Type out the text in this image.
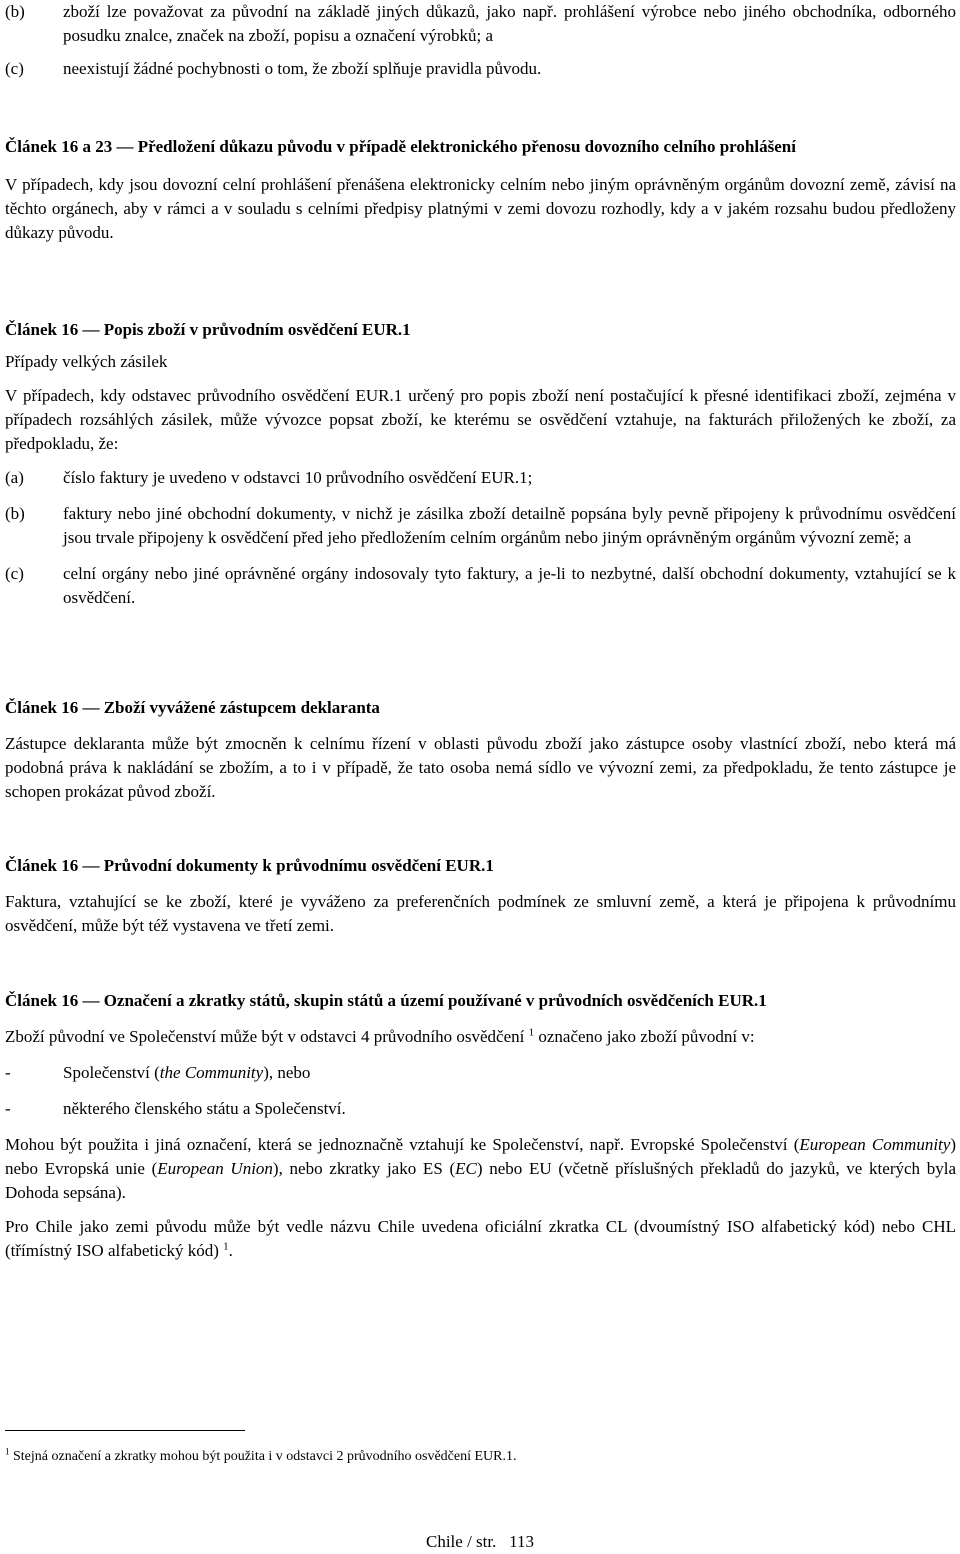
(b)	zboží lze považovat za původní na základě jiných důkazů, jako např. prohlášení výrobce nebo jiného obchodníka, odborného posudku znalce, značek na zboží, popisu a označení výrobků; a
(c)	neexistují žádné pochybnosti o tom, že zboží splňuje pravidla původu.

Článek 16 a 23 — Předložení důkazu původu v případě elektronického přenosu dovozního celního prohlášení

V případech, kdy jsou dovozní celní prohlášení přenášena elektronicky celním nebo jiným oprávněným orgánům dovozní země, závisí na těchto orgánech, aby v rámci a v souladu s celními předpisy platnými v zemi dovozu rozhodly, kdy a v jakém rozsahu budou předloženy důkazy původu.

Článek 16 — Popis zboží v průvodním osvědčení EUR.1

Případy velkých zásilek

V případech, kdy odstavec průvodního osvědčení EUR.1 určený pro popis zboží není postačující k přesné identifikaci zboží, zejména v případech rozsáhlých zásilek, může vývozce popsat zboží, ke kterému se osvědčení vztahuje, na fakturách přiložených ke zboží, za předpokladu, že:

(a)	číslo faktury je uvedeno v odstavci 10 průvodního osvědčení EUR.1;
(b)	faktury nebo jiné obchodní dokumenty, v nichž je zásilka zboží detailně popsána byly pevně připojeny k průvodnímu osvědčení jsou trvale připojeny k osvědčení před jeho předložením celním orgánům nebo jiným oprávněným orgánům vývozní země; a
(c)	celní orgány nebo jiné oprávněné orgány indosovaly tyto faktury, a je-li to nezbytné, další obchodní dokumenty, vztahující se k osvědčení.

Článek 16 — Zboží vyvážené zástupcem deklaranta

Zástupce deklaranta může být zmocněn k celnímu řízení v oblasti původu zboží jako zástupce osoby vlastnící zboží, nebo která má podobná práva k nakládání se zbožím, a to i v případě, že tato osoba nemá sídlo ve vývozní zemi, za předpokladu, že tento zástupce je schopen prokázat původ zboží.

Článek 16 — Průvodní dokumenty k průvodnímu osvědčení EUR.1

Faktura, vztahující se ke zboží, které je vyváženo za preferenčních podmínek ze smluvní země, a která je připojena k průvodnímu osvědčení, může být též vystavena ve třetí zemi.

Článek 16 — Označení a zkratky států, skupin států a území používané v průvodních osvědčeních EUR.1

Zboží původní ve Společenství může být v odstavci 4 průvodního osvědčení $^1$ označeno jako zboží původní v:

-	Společenství (the Community), nebo
-	některého členského státu a Společenství.

Mohou být použita i jiná označení, která se jednoznačně vztahují ke Společenství, např. Evropské Společenství (European Community) nebo Evropská unie (European Union), nebo zkratky jako ES (EC) nebo EU (včetně příslušných překladů do jazyků, ve kterých byla Dohoda sepsána).

Pro Chile jako zemi původu může být vedle názvu Chile uvedena oficiální zkratka CL (dvoumístný ISO alfabetický kód) nebo CHL (třímístný ISO alfabetický kód) $^1$.

$^1$ Stejná označení a zkratky mohou být použita i v odstavci 2 průvodního osvědčení EUR.1.
Chile / str. 113
